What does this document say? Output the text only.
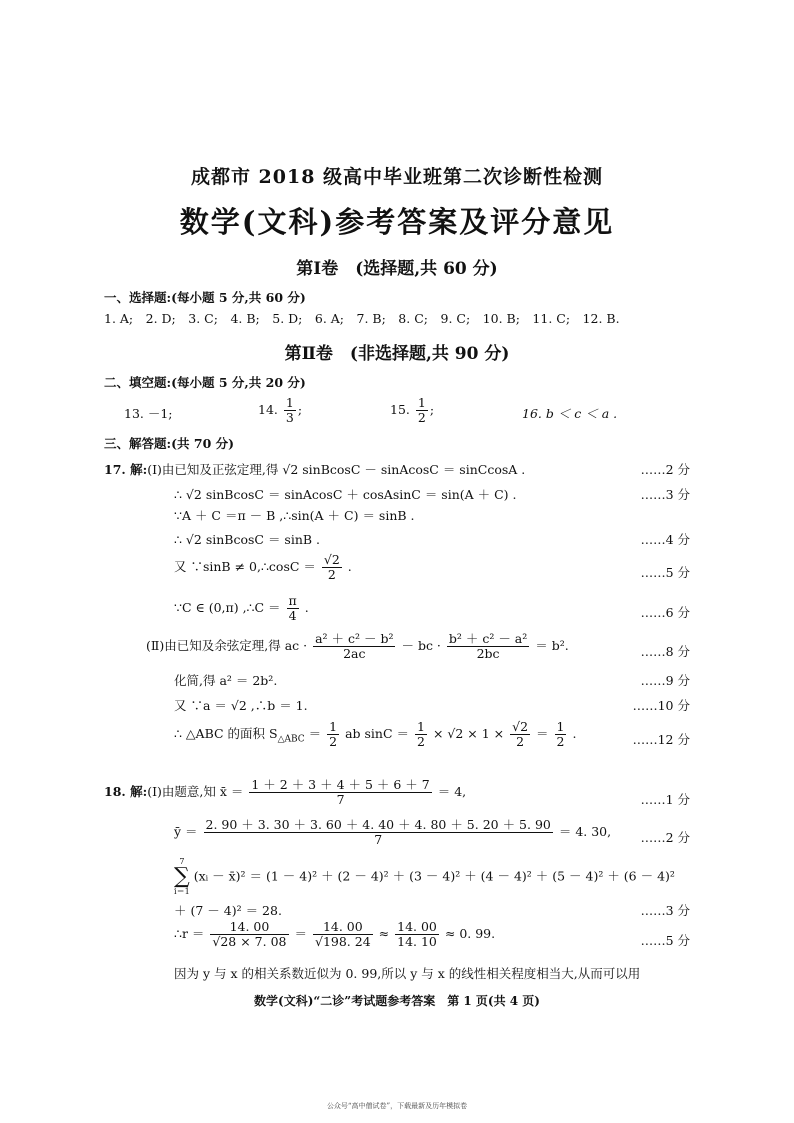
成都市 2018 级高中毕业班第二次诊断性检测
数学(文科)参考答案及评分意见
第Ⅰ卷　(选择题,共 60 分)
一、选择题:(每小题 5 分,共 60 分)
1. A;　2. D;　3. C;　4. B;　5. D;　6. A;　7. B;　8. C;　9. C;　10. B;　11. C;　12. B.
第Ⅱ卷　(非选择题,共 90 分)
二、填空题:(每小题 5 分,共 20 分)
13. －1;	14. $\frac{1}{3}$ ;	15. $\frac{1}{2}$ ;	16. b ＜ c ＜ a .
三、解答题:(共 70 分)
17. 解:(Ⅰ)由已知及正弦定理,得 √2 sinBcosC － sinAcosC ＝ sinCcosA .	……2 分
∴ √2 sinBcosC ＝ sinAcosC ＋ cosAsinC ＝ sin(A ＋ C) .	……3 分
∵A ＋ C ＝π － B ,∴sin(A ＋ C) ＝ sinB .
∴ √2 sinBcosC ＝ sinB .	……4 分
又 ∵sinB ≠ 0,∴cosC ＝ $\frac{√2}{2}$ .	……5 分
∵C ∈ (0,π) ,∴C ＝ $\frac{\pi}{4}$ .	……6 分
(Ⅱ)由已知及余弦定理,得 ac · $\frac{\text{a² ＋ c² － b²}}{2ac}$ － bc · $\frac{\text{b² ＋ c² － a²}}{2bc} = b^2$.	……8 分
化简,得 a² ＝ 2b².	……9 分
又 ∵a ＝ √2 ,∴b ＝ 1.	……10 分
∴ △ABC 的面积 $S_{\triangle ABC} = \frac{1}{2}$ ab $\sin C = \frac{1}{2} \times √2 \times 1 \times \frac{√2}{2} = \frac{1}{2}$ .	……12 分
18. 解:(Ⅰ)由题意,知 x̄ ＝ $\frac{1 + 2 + 3 + 4 + 5 + 6 + 7}{7} = 4$,
……1 分
ȳ ＝ $\frac{2. 90 + 3. 30 + 3. 60 + 4. 40 + 4. 80 + 5. 20 + 5. 90}{7} = 4$. 30, ……2 分
7
∑
i＝1
(xᵢ － x̄)² ＝ (1 － 4)² ＋ (2 － 4)² ＋ (3 － 4)² ＋ (4 － 4)² ＋ (5 － 4)² ＋ (6 － 4)²
＋ (7 － 4)² ＝ 28.	……3 分
∴r ＝ $\frac{14. 00}{√28 \times 7. 08} = \frac{14. 00}{√198. 24} \approx \frac{14. 00}{14. 10} \approx 0$. 99.	……5 分
因为 y 与 x 的相关系数近似为 0. 99,所以 y 与 x 的线性相关程度相当大,从而可以用
数学(文科)“二诊”考试题参考答案　第 1 页(共 4 页)
公众号“高中僧试卷”，下载最新及历年模拟卷
